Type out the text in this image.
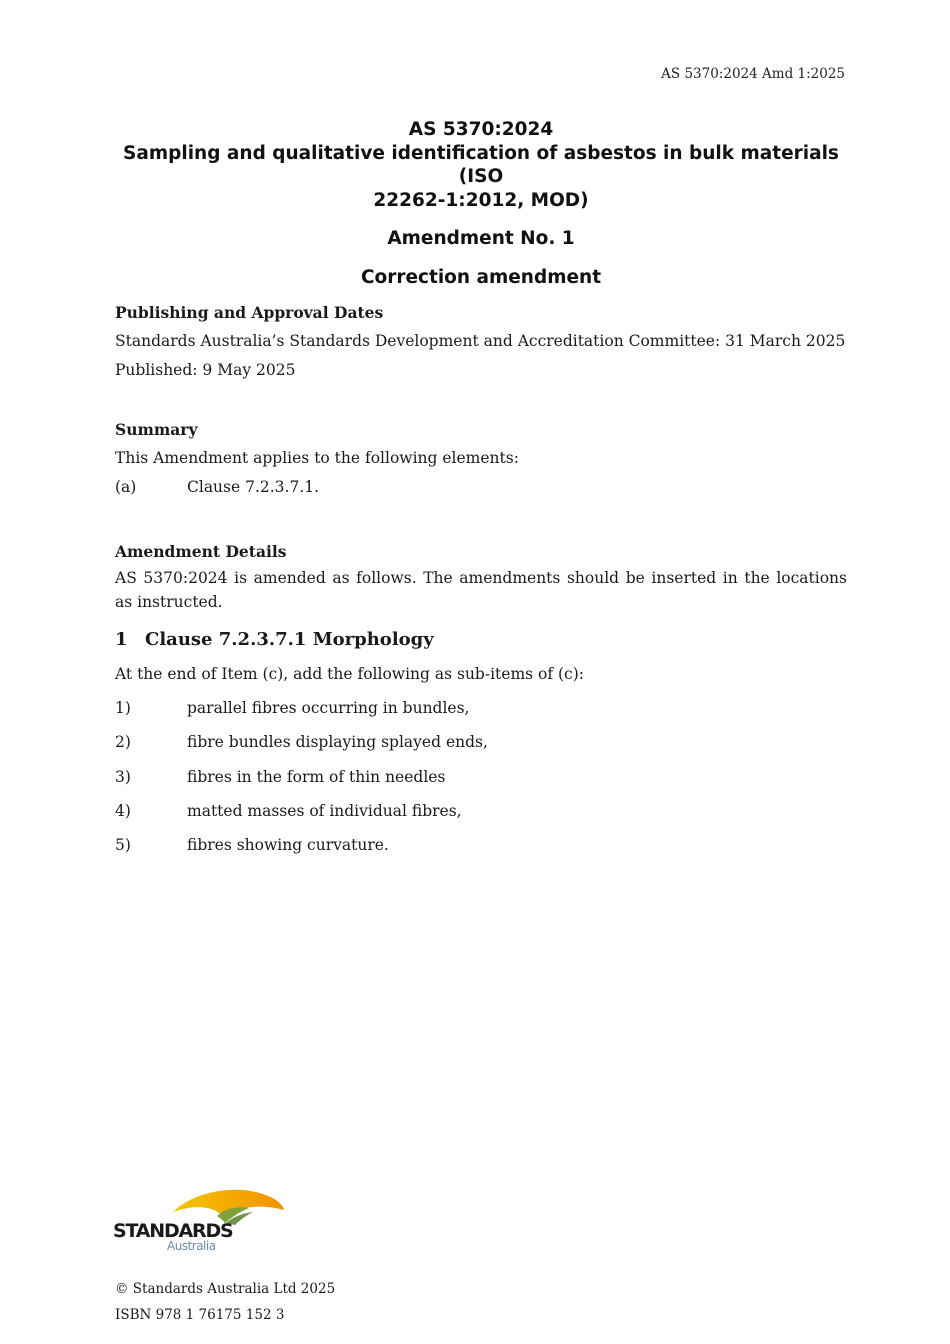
AS 5370:2024 Amd 1:2025
AS 5370:2024
Sampling and qualitative identification of asbestos in bulk materials (ISO
22262-1:2012, MOD)
Amendment No. 1
Correction amendment
Publishing and Approval Dates
Standards Australia’s Standards Development and Accreditation Committee: 31 March 2025
Published: 9 May 2025
Summary
This Amendment applies to the following elements:
(a)	Clause 7.2.3.7.1.
Amendment Details
AS 5370:2024 is amended as follows. The amendments should be inserted in the locations as instructed.
1 Clause 7.2.3.7.1 Morphology
At the end of Item (c), add the following as sub-items of (c):
1)	parallel fibres occurring in bundles,
2)	fibre bundles displaying splayed ends,
3)	fibres in the form of thin needles
4)	matted masses of individual fibres,
5)	fibres showing curvature.
STANDARDS
Australia
© Standards Australia Ltd 2025
ISBN 978 1 76175 152 3
